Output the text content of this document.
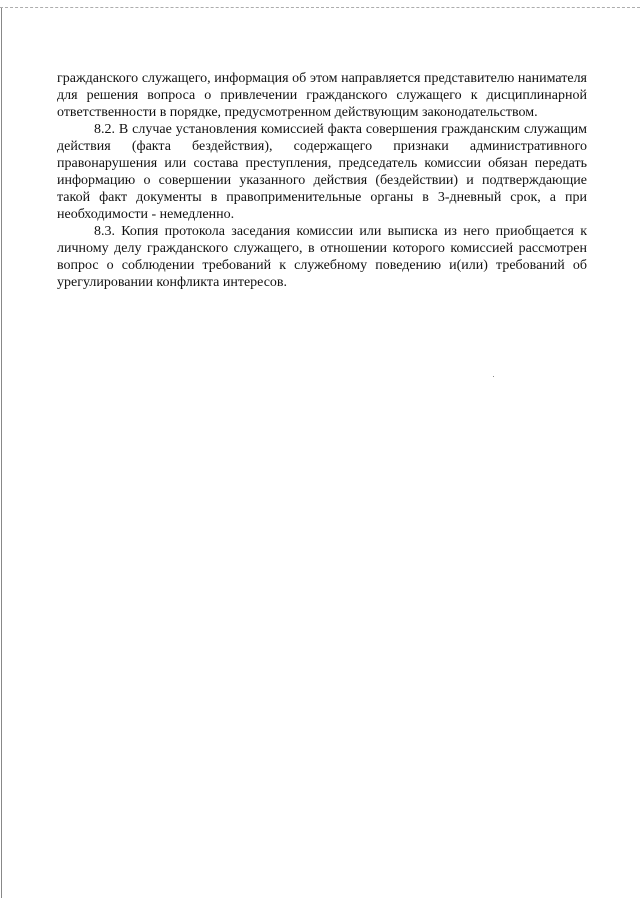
гражданского служащего, информация об этом направляется представителю нанимателя для решения вопроса о привлечении гражданского служащего к дисциплинарной ответственности в порядке, предусмотренном действующим законодательством.

8.2. В случае установления комиссией факта совершения гражданским служащим действия (факта бездействия), содержащего признаки административного правонарушения или состава преступления, председатель комиссии обязан передать информацию о совершении указанного действия (бездействии) и подтверждающие такой факт документы в правоприменительные органы в 3-дневный срок, а при необходимости - немедленно.

8.3. Копия протокола заседания комиссии или выписка из него приобщается к личному делу гражданского служащего, в отношении которого комиссией рассмотрен вопрос о соблюдении требований к служебному поведению и(или) требований об урегулировании конфликта интересов.
